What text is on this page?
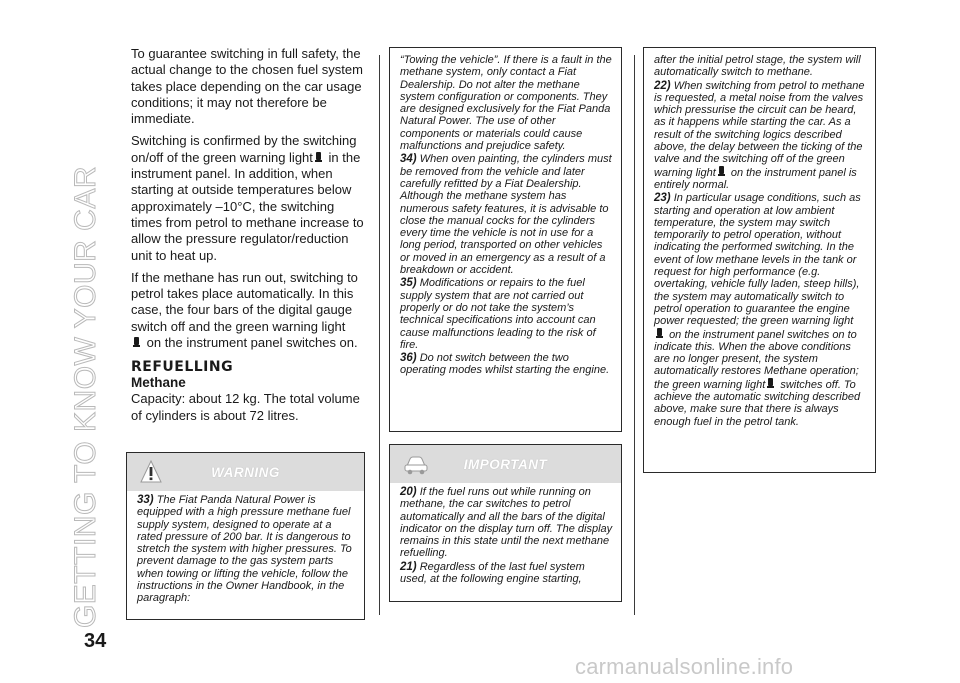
GETTING TO KNOW YOUR CAR

To guarantee switching in full safety, the actual change to the chosen fuel system takes place depending on the car usage conditions; it may not therefore be immediate.

Switching is confirmed by the switching on/off of the green warning light in the instrument panel. In addition, when starting at outside temperatures below approximately –10°C, the switching times from petrol to methane increase to allow the pressure regulator/reduction unit to heat up.

If the methane has run out, switching to petrol takes place automatically. In this case, the four bars of the digital gauge switch off and the green warning light
on the instrument panel switches on.

REFUELLING
Methane

Capacity: about 12 kg. The total volume of cylinders is about 72 litres.

WARNING

33) The Fiat Panda Natural Power is equipped with a high pressure methane fuel supply system, designed to operate at a rated pressure of 200 bar. It is dangerous to stretch the system with higher pressures. To prevent damage to the gas system parts when towing or lifting the vehicle, follow the instructions in the Owner Handbook, in the paragraph:

“Towing the vehicle”. If there is a fault in the methane system, only contact a Fiat Dealership. Do not alter the methane system configuration or components. They are designed exclusively for the Fiat Panda Natural Power. The use of other components or materials could cause malfunctions and prejudice safety.

34) When oven painting, the cylinders must be removed from the vehicle and later carefully refitted by a Fiat Dealership. Although the methane system has numerous safety features, it is advisable to close the manual cocks for the cylinders every time the vehicle is not in use for a long period, transported on other vehicles or moved in an emergency as a result of a breakdown or accident.

35) Modifications or repairs to the fuel supply system that are not carried out properly or do not take the system’s technical specifications into account can cause malfunctions leading to the risk of fire.

36) Do not switch between the two operating modes whilst starting the engine.

IMPORTANT

20) If the fuel runs out while running on methane, the car switches to petrol automatically and all the bars of the digital indicator on the display turn off. The display remains in this state until the next methane refuelling.

21) Regardless of the last fuel system used, at the following engine starting,

after the initial petrol stage, the system will automatically switch to methane.

22) When switching from petrol to methane is requested, a metal noise from the valves which pressurise the circuit can be heard, as it happens while starting the car. As a result of the switching logics described above, the delay between the ticking of the valve and the switching off of the green warning light on the instrument panel is entirely normal.

23) In particular usage conditions, such as starting and operation at low ambient temperature, the system may switch temporarily to petrol operation, without indicating the performed switching. In the event of low methane levels in the tank or request for high performance (e.g. overtaking, vehicle fully laden, steep hills), the system may automatically switch to petrol operation to guarantee the engine power requested; the green warning light
on the instrument panel switches on to indicate this. When the above conditions are no longer present, the system automatically restores Methane operation; the green warning light switches off. To achieve the automatic switching described above, make sure that there is always enough fuel in the petrol tank.

34
carmanualsonline.info
